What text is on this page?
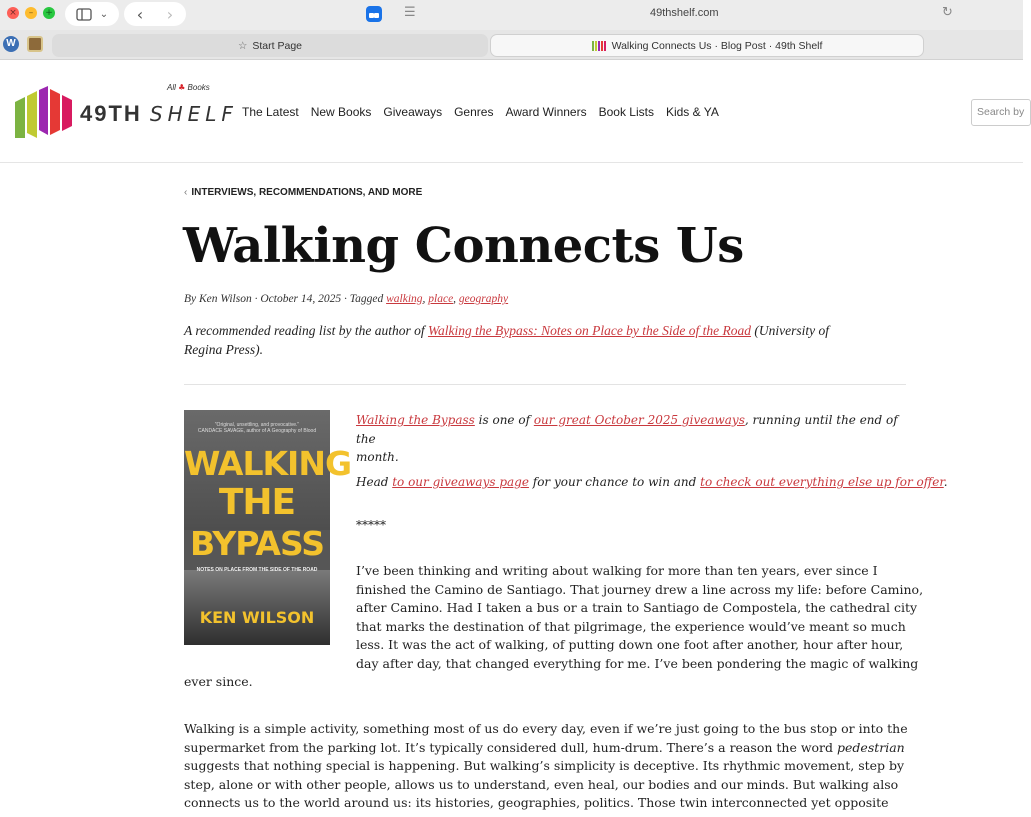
×	–	+	⌄	‹	›	☰	49thshelf.com	↻
W	☆ Start Page	Walking Connects Us · Blog Post · 49th Shelf
All ♣ Books
49TH SHELF The Latest New Books Giveaways Genres Award Winners Book Lists Kids & YA	Search by
‹ INTERVIEWS, RECOMMENDATIONS, AND MORE
Walking Connects Us
By Ken Wilson · October 14, 2025 · Tagged walking, place, geography

A recommended reading list by the author of Walking the Bypass: Notes on Place by the Side of the Road (University of
Regina Press).

"Original, unsettling, and provocative."
CANDACE SAVAGE, author of A Geography of Blood
WALKING
THE
BYPASS
NOTES ON PLACE FROM THE SIDE OF THE ROAD
KEN WILSON

Walking the Bypass is one of our great October 2025 giveaways, running until the end of the
month.

Head to our giveaways page for your chance to win and to check out everything else up for offer.

*****

I’ve been thinking and writing about walking for more than ten years, ever since I
finished the Camino de Santiago. That journey drew a line across my life: before Camino,
after Camino. Had I taken a bus or a train to Santiago de Compostela, the cathedral city
that marks the destination of that pilgrimage, the experience would’ve meant so much
less. It was the act of walking, of putting down one foot after another, hour after hour,
day after day, that changed everything for me. I’ve been pondering the magic of walking
ever since.
Walking is a simple activity, something most of us do every day, even if we’re just going to the bus stop or into the
supermarket from the parking lot. It’s typically considered dull, hum-drum. There’s a reason the word pedestrian
suggests that nothing special is happening. But walking’s simplicity is deceptive. Its rhythmic movement, step by
step, alone or with other people, allows us to understand, even heal, our bodies and our minds. But walking also
connects us to the world around us: its histories, geographies, politics. Those twin interconnected yet opposite
